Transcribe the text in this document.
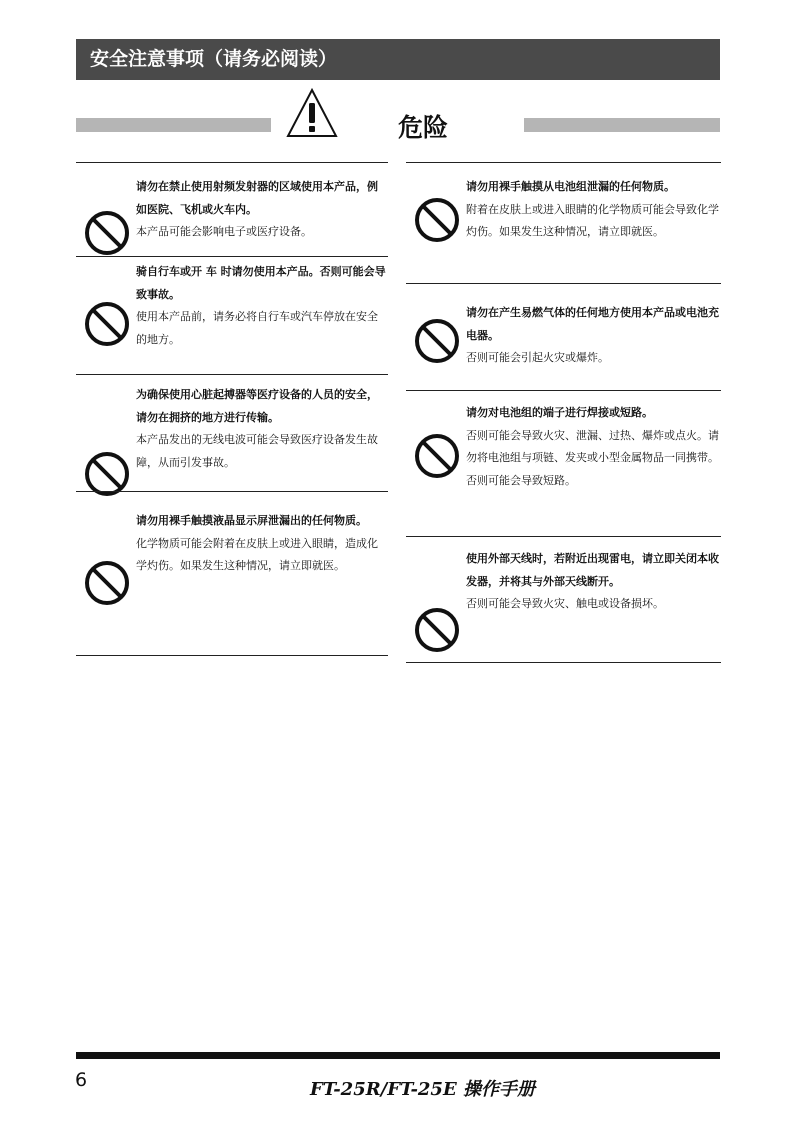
安全注意事项（请务必阅读）
危险
请勿在禁止使用射频发射器的区域使用本产品，例如医院、飞机或火车内。
本产品可能会影响电子或医疗设备。
骑自行车或开 车 时请勿使用本产品。否则可能会导致事故。
使用本产品前，请务必将自行车或汽车停放在安全的地方。
为确保使用心脏起搏器等医疗设备的人员的安全，请勿在拥挤的地方进行传输。
本产品发出的无线电波可能会导致医疗设备发生故障，从而引发事故。
请勿用裸手触摸液晶显示屏泄漏出的任何物质。
化学物质可能会附着在皮肤上或进入眼睛，造成化学灼伤。如果发生这种情况，请立即就医。
请勿用裸手触摸从电池组泄漏的任何物质。
附着在皮肤上或进入眼睛的化学物质可能会导致化学灼伤。如果发生这种情况，请立即就医。
请勿在产生易燃气体的任何地方使用本产品或电池充电器。
否则可能会引起火灾或爆炸。
请勿对电池组的端子进行焊接或短路。
否则可能会导致火灾、泄漏、过热、爆炸或点火。请勿将电池组与项链、发夹或小型金属物品一同携带。否则可能会导致短路。
使用外部天线时，若附近出现雷电，请立即关闭本收发器，并将其与外部天线断开。
否则可能会导致火灾、触电或设备损坏。
6	FT-25R/FT-25E 操作手册
